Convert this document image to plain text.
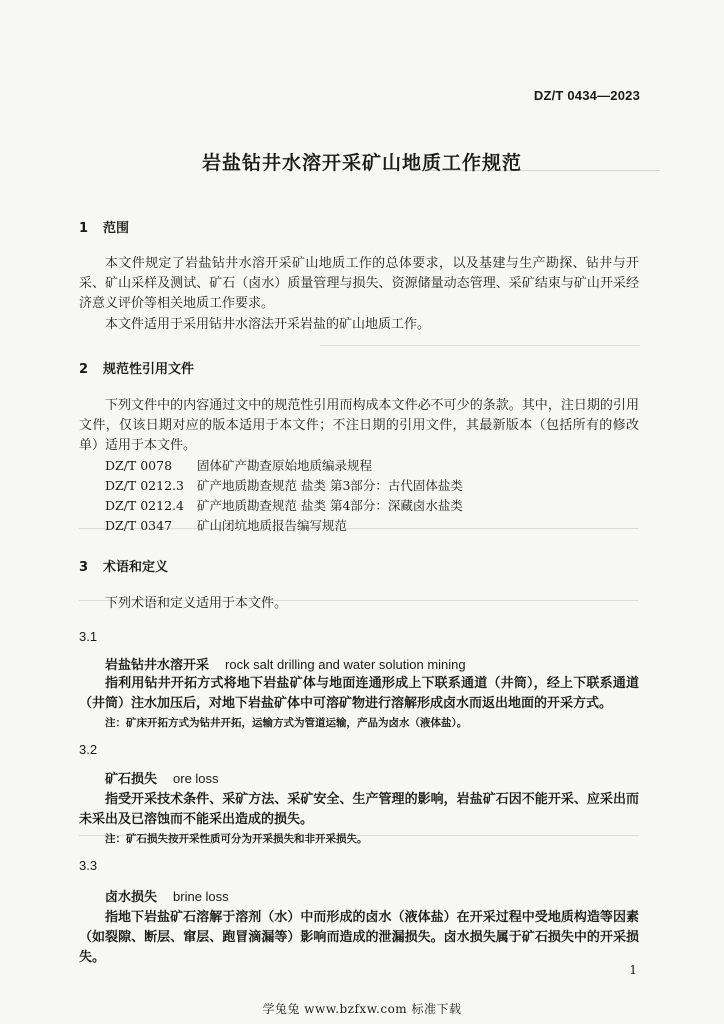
DZ/T 0434—2023
岩盐钻井水溶开采矿山地质工作规范
1 范围
本文件规定了岩盐钻井水溶开采矿山地质工作的总体要求，以及基建与生产勘探、钻井与开采、矿山采样及测试、矿石（卤水）质量管理与损失、资源储量动态管理、采矿结束与矿山开采经济意义评价等相关地质工作要求。
本文件适用于采用钻井水溶法开采岩盐的矿山地质工作。
2 规范性引用文件
下列文件中的内容通过文中的规范性引用而构成本文件必不可少的条款。其中，注日期的引用文件，仅该日期对应的版本适用于本文件；不注日期的引用文件，其最新版本（包括所有的修改单）适用于本文件。
DZ/T 0078 固体矿产勘查原始地质编录规程
DZ/T 0212.3 矿产地质勘查规范 盐类 第3部分：古代固体盐类
DZ/T 0212.4 矿产地质勘查规范 盐类 第4部分：深藏卤水盐类
DZ/T 0347 矿山闭坑地质报告编写规范
3 术语和定义
下列术语和定义适用于本文件。
3.1
岩盐钻井水溶开采 rock salt drilling and water solution mining
指利用钻井开拓方式将地下岩盐矿体与地面连通形成上下联系通道（井筒），经上下联系通道（井筒）注水加压后，对地下岩盐矿体中可溶矿物进行溶解形成卤水而返出地面的开采方式。
注：矿床开拓方式为钻井开拓，运输方式为管道运输，产品为卤水（液体盐）。
3.2
矿石损失 ore loss
指受开采技术条件、采矿方法、采矿安全、生产管理的影响，岩盐矿石因不能开采、应采出而未采出及已溶蚀而不能采出造成的损失。
注：矿石损失按开采性质可分为开采损失和非开采损失。
3.3
卤水损失 brine loss
指地下岩盐矿石溶解于溶剂（水）中而形成的卤水（液体盐）在开采过程中受地质构造等因素（如裂隙、断层、窜层、跑冒滴漏等）影响而造成的泄漏损失。卤水损失属于矿石损失中的开采损失。
1
学兔兔 www.bzfxw.com 标准下载
